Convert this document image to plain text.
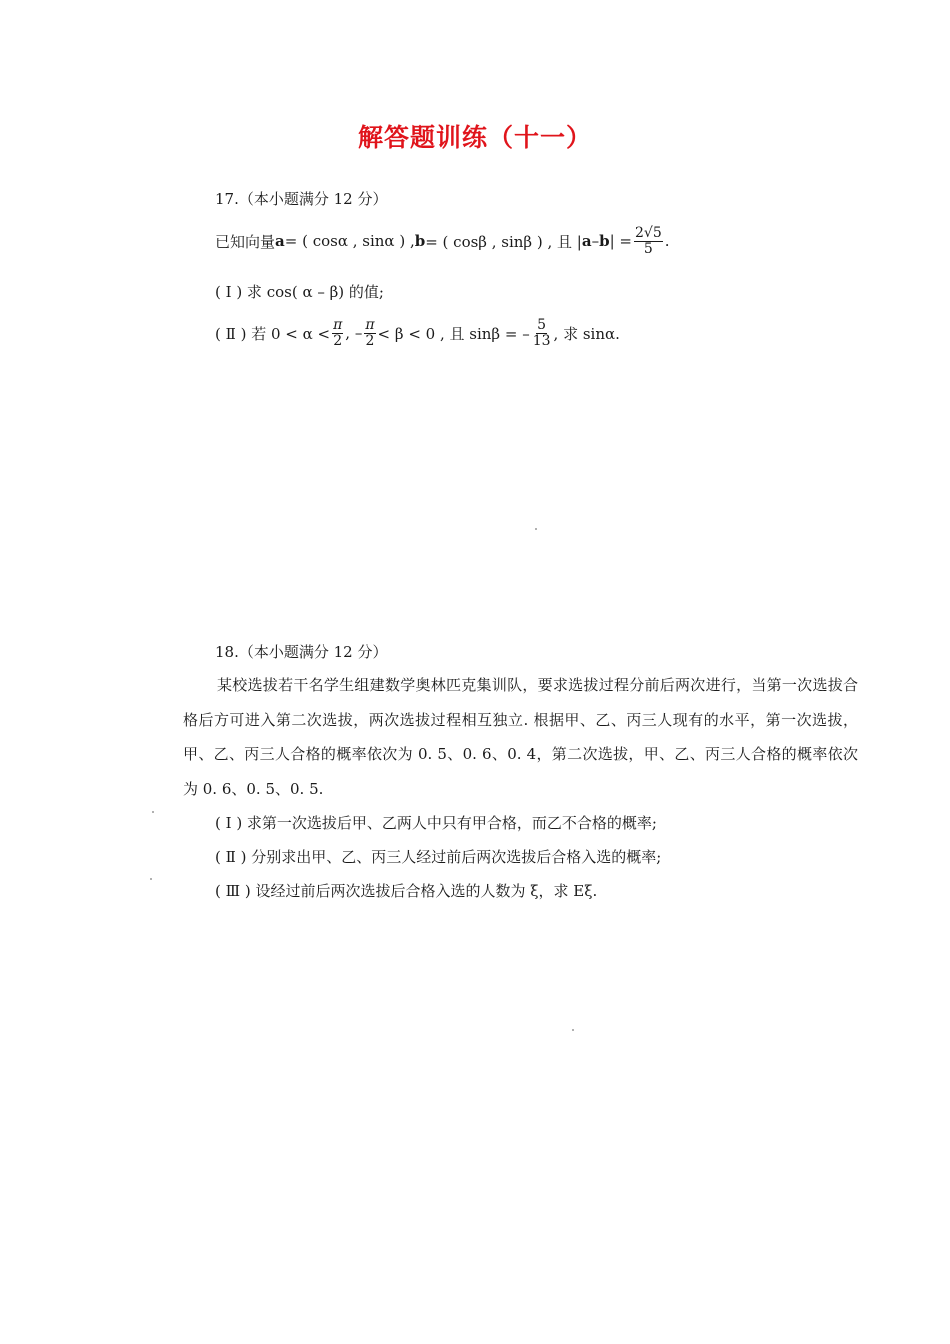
解答题训练（十一）
17.（本小题满分 12 分）
已知向量 a = ( cosα , sinα ) , b = ( cosβ , sinβ ) , 且 | a – b | = $\frac{2√5}{5}$ .
( Ⅰ ) 求 cos( α – β) 的值;
( Ⅱ ) 若 $0 < \alpha < \frac{\pi}{2}$ , – $\frac{\pi}{2} < \beta < 0$ , 且 sinβ = – $\frac{5}{13}$ , 求 sinα.
18.（本小题满分 12 分）
某校选拔若干名学生组建数学奥林匹克集训队，要求选拔过程分前后两次进行，当第一次选拔合格后方可进入第二次选拔，两次选拔过程相互独立. 根据甲、乙、丙三人现有的水平，第一次选拔，甲、乙、丙三人合格的概率依次为 0. 5、0. 6、0. 4，第二次选拔，甲、乙、丙三人合格的概率依次为 0. 6、0. 5、0. 5.
( Ⅰ ) 求第一次选拔后甲、乙两人中只有甲合格，而乙不合格的概率;
( Ⅱ ) 分别求出甲、乙、丙三人经过前后两次选拔后合格入选的概率;
( Ⅲ ) 设经过前后两次选拔后合格入选的人数为 ξ，求 Eξ.
